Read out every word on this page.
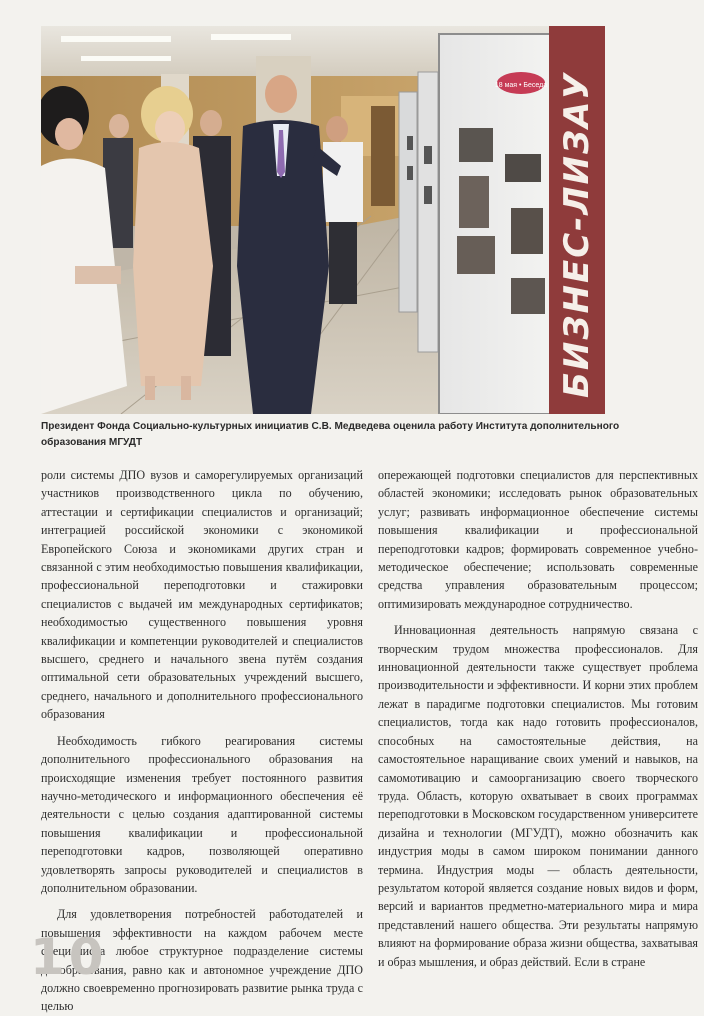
18 мая • Беседа БИЗНЕС-ЛИЗАУ
Президент Фонда Социально-культурных инициатив С.В. Медведева оценила работу Института дополнительного образования МГУДТ

роли системы ДПО вузов и саморегулируемых организаций участников производственного цикла по обучению, аттестации и сертификации специалистов и организаций; интеграцией российской экономики с экономикой Европейского Союза и экономиками других стран и связанной с этим необходимостью повышения квалификации, профессиональной переподготовки и стажировки специалистов с выдачей им международных сертификатов; необходимостью существенного повышения уровня квалификации и компетенции руководителей и специалистов высшего, среднего и начального звена путём создания оптимальной сети образовательных учреждений высшего, среднего, начального и дополнительного профессионального образования

Необходимость гибкого реагирования системы дополнительного профессионального образования на происходящие изменения требует постоянного развития научно-методического и информационного обеспечения её деятельности с целью создания адаптированной системы повышения квалификации и профессиональной переподготовки кадров, позволяющей оперативно удовлетворять запросы руководителей и специалистов в дополнительном образовании.

Для удовлетворения потребностей работодателей и повышения эффективности на каждом рабочем месте специалиста любое структурное подразделение системы допобразования, равно как и автономное учреждение ДПО должно своевременно прогнозировать развитие рынка труда с целью

опережающей подготовки специалистов для перспективных областей экономики; исследовать рынок образовательных услуг; развивать информационное обеспечение системы повышения квалификации и профессиональной переподготовки кадров; формировать современное учебно-методическое обеспечение; использовать современные средства управления образовательным процессом; оптимизировать международное сотрудничество.

Инновационная деятельность напрямую связана с творческим трудом множества профессионалов. Для инновационной деятельности также существует проблема производительности и эффективности. И корни этих проблем лежат в парадигме подготовки специалистов. Мы готовим специалистов, тогда как надо готовить профессионалов, способных на самостоятельные действия, на самостоятельное наращивание своих умений и навыков, на самомотивацию и самоорганизацию своего творческого труда. Область, которую охватывает в своих программах переподготовки в Московском государственном университете дизайна и технологии (МГУДТ), можно обозначить как индустрия моды в самом широком понимании данного термина. Индустрия моды — область деятельности, результатом которой является создание новых видов и форм, версий и вариантов предметно-материального мира и мира представлений нашего общества. Эти результаты напрямую влияют на формирование образа жизни общества, захватывая и образ мышления, и образ действий. Если в стране

10
